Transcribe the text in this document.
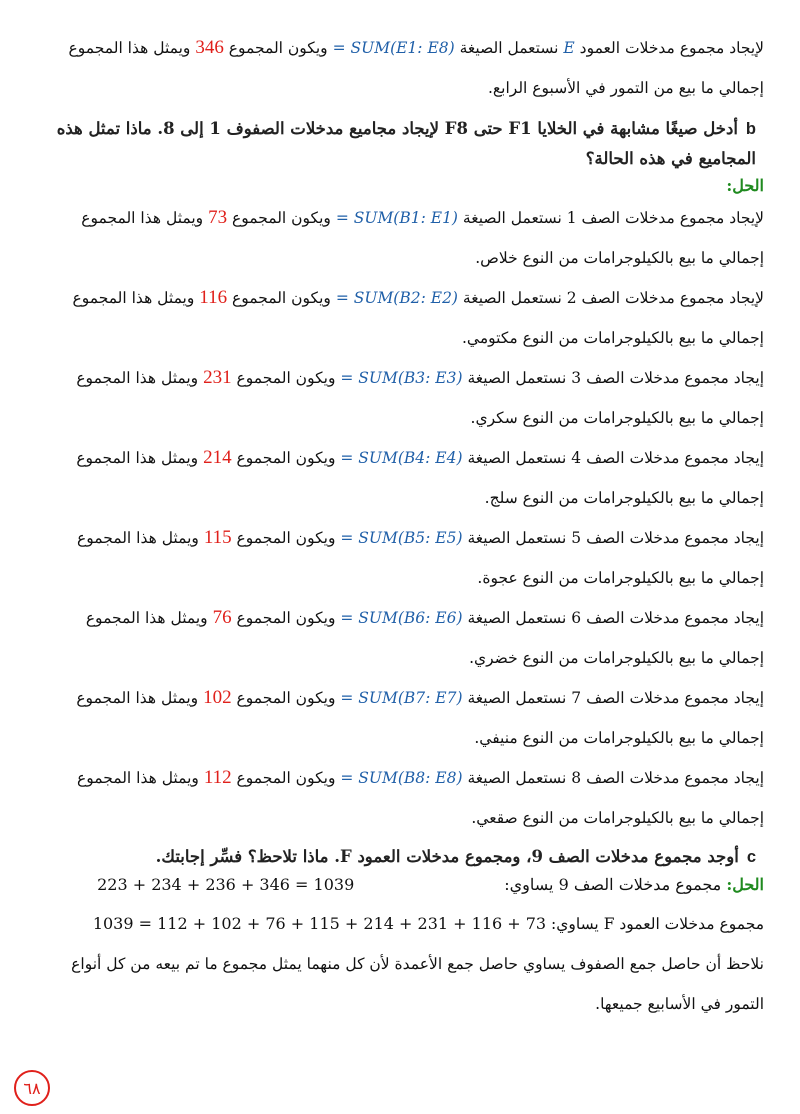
لإيجاد مجموع مدخلات العمود E نستعمل الصيغة = SUM(E1: E8) ويكون المجموع 346 ويمثل هذا المجموع إجمالي ما بيع من التمور في الأسبوع الرابع.

bأدخل صيغًا مشابهة في الخلايا F1 حتى F8 لإيجاد مجاميع مدخلات الصفوف 1 إلى 8. ماذا تمثل هذه المجاميع في هذه الحالة؟

الحل:

لإيجاد مجموع مدخلات الصف 1 نستعمل الصيغة = SUM(B1: E1) ويكون المجموع 73 ويمثل هذا المجموع إجمالي ما بيع بالكيلوجرامات من النوع خلاص.

لإيجاد مجموع مدخلات الصف 2 نستعمل الصيغة = SUM(B2: E2) ويكون المجموع 116 ويمثل هذا المجموع إجمالي ما بيع بالكيلوجرامات من النوع مكتومي.

إيجاد مجموع مدخلات الصف 3 نستعمل الصيغة = SUM(B3: E3) ويكون المجموع 231 ويمثل هذا المجموع إجمالي ما بيع بالكيلوجرامات من النوع سكري.

إيجاد مجموع مدخلات الصف 4 نستعمل الصيغة = SUM(B4: E4) ويكون المجموع 214 ويمثل هذا المجموع إجمالي ما بيع بالكيلوجرامات من النوع سلج.

إيجاد مجموع مدخلات الصف 5 نستعمل الصيغة = SUM(B5: E5) ويكون المجموع 115 ويمثل هذا المجموع إجمالي ما بيع بالكيلوجرامات من النوع عجوة.

إيجاد مجموع مدخلات الصف 6 نستعمل الصيغة = SUM(B6: E6) ويكون المجموع 76 ويمثل هذا المجموع إجمالي ما بيع بالكيلوجرامات من النوع خضري.

إيجاد مجموع مدخلات الصف 7 نستعمل الصيغة = SUM(B7: E7) ويكون المجموع 102 ويمثل هذا المجموع إجمالي ما بيع بالكيلوجرامات من النوع منيفي.

إيجاد مجموع مدخلات الصف 8 نستعمل الصيغة = SUM(B8: E8) ويكون المجموع 112 ويمثل هذا المجموع إجمالي ما بيع بالكيلوجرامات من النوع صقعي.

cأوجد مجموع مدخلات الصف 9، ومجموع مدخلات العمود F. ماذا تلاحظ؟ فسِّر إجابتك.

الحل:

مجموع مدخلات الصف 9 يساوي:
223 + 234 + 236 + 346 = 1039

مجموع مدخلات العمود F يساوي: 1039 = 112 + 102 + 76 + 115 + 214 + 231 + 116 + 73

نلاحظ أن حاصل جمع الصفوف يساوي حاصل جمع الأعمدة لأن كل منهما يمثل مجموع ما تم بيعه من كل أنواع التمور في الأسابيع جميعها.

٦٨
